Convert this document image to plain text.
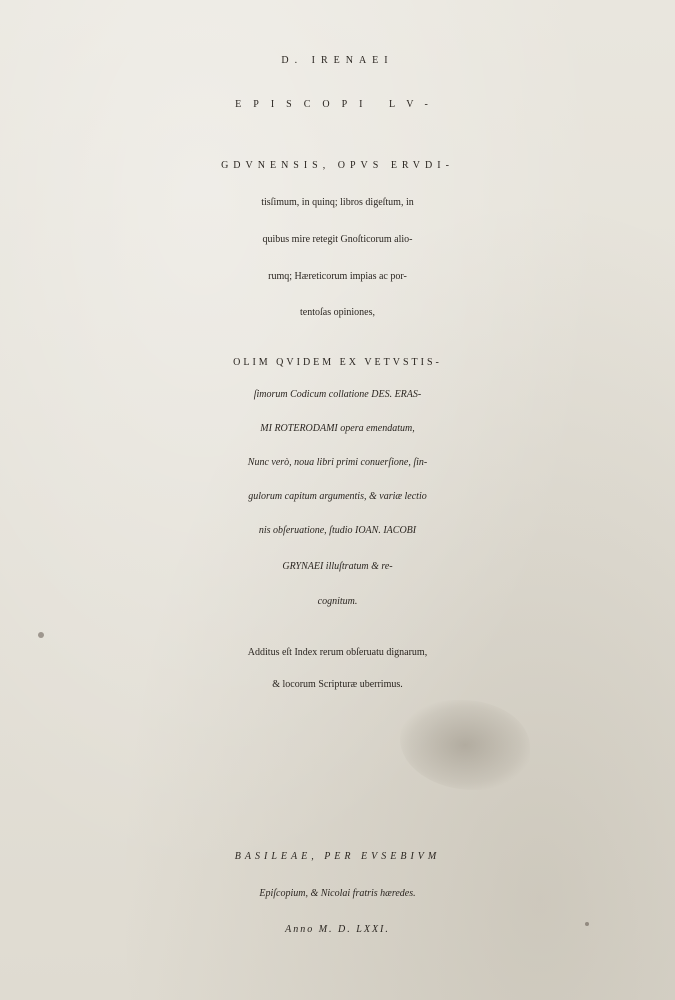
D. IRENAEI
EPISCOPI LV-
GDVNENSIS, OPVS ERVDI-
tisſimum, in quinq; libros digeſtum, in
quibus mire retegit Gnoſticorum alio-
rumq; Hæreticorum impias ac por-
tentoſas opiniones,
OLIM QVIDEM EX VETVSTIS-
ſimorum Codicum collatione DES. ERAS-
MI ROTERODAMI opera emendatum,
Nunc verò, noua libri primi conuerſione, ſin-
gulorum capitum argumentis, & variæ lectio
nis obſeruatione, ſtudio IOAN. IACOBI
GRYNAEI illuſtratum & re-
cognitum.
Additus eſt Index rerum obſeruatu dignarum,
& locorum Scripturæ uberrimus.
BASILEAE, PER EVSEBIVM
Epiſcopium, & Nicolai fratris hæredes.
Anno M. D. LXXI.
